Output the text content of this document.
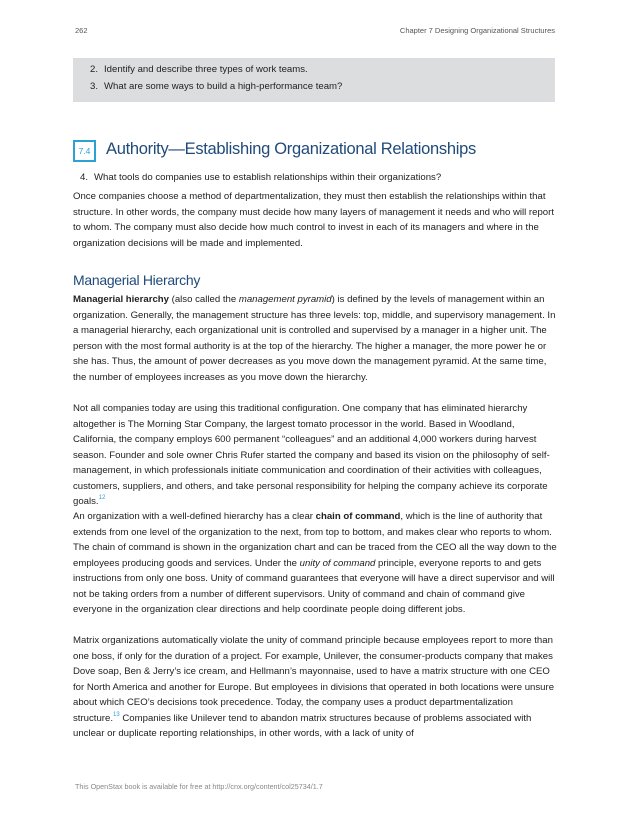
262	Chapter 7 Designing Organizational Structures
2. Identify and describe three types of work teams.
3. What are some ways to build a high-performance team?
7.4 Authority—Establishing Organizational Relationships
4. What tools do companies use to establish relationships within their organizations?

Once companies choose a method of departmentalization, they must then establish the relationships within that structure. In other words, the company must decide how many layers of management it needs and who will report to whom. The company must also decide how much control to invest in each of its managers and where in the organization decisions will be made and implemented.

Managerial Hierarchy

Managerial hierarchy (also called the management pyramid) is defined by the levels of management within an organization. Generally, the management structure has three levels: top, middle, and supervisory management. In a managerial hierarchy, each organizational unit is controlled and supervised by a manager in a higher unit. The person with the most formal authority is at the top of the hierarchy. The higher a manager, the more power he or she has. Thus, the amount of power decreases as you move down the management pyramid. At the same time, the number of employees increases as you move down the hierarchy.

Not all companies today are using this traditional configuration. One company that has eliminated hierarchy altogether is The Morning Star Company, the largest tomato processor in the world. Based in Woodland, California, the company employs 600 permanent “colleagues” and an additional 4,000 workers during harvest season. Founder and sole owner Chris Rufer started the company and based its vision on the philosophy of self-management, in which professionals initiate communication and coordination of their activities with colleagues, customers, suppliers, and others, and take personal responsibility for helping the company achieve its corporate goals.$^{12}$

An organization with a well-defined hierarchy has a clear chain of command, which is the line of authority that extends from one level of the organization to the next, from top to bottom, and makes clear who reports to whom. The chain of command is shown in the organization chart and can be traced from the CEO all the way down to the employees producing goods and services. Under the unity of command principle, everyone reports to and gets instructions from only one boss. Unity of command guarantees that everyone will have a direct supervisor and will not be taking orders from a number of different supervisors. Unity of command and chain of command give everyone in the organization clear directions and help coordinate people doing different jobs.

Matrix organizations automatically violate the unity of command principle because employees report to more than one boss, if only for the duration of a project. For example, Unilever, the consumer-products company that makes Dove soap, Ben & Jerry’s ice cream, and Hellmann’s mayonnaise, used to have a matrix structure with one CEO for North America and another for Europe. But employees in divisions that operated in both locations were unsure about which CEO’s decisions took precedence. Today, the company uses a product departmentalization structure.$^{13}$ Companies like Unilever tend to abandon matrix structures because of problems associated with unclear or duplicate reporting relationships, in other words, with a lack of unity of

This OpenStax book is available for free at http://cnx.org/content/col25734/1.7
